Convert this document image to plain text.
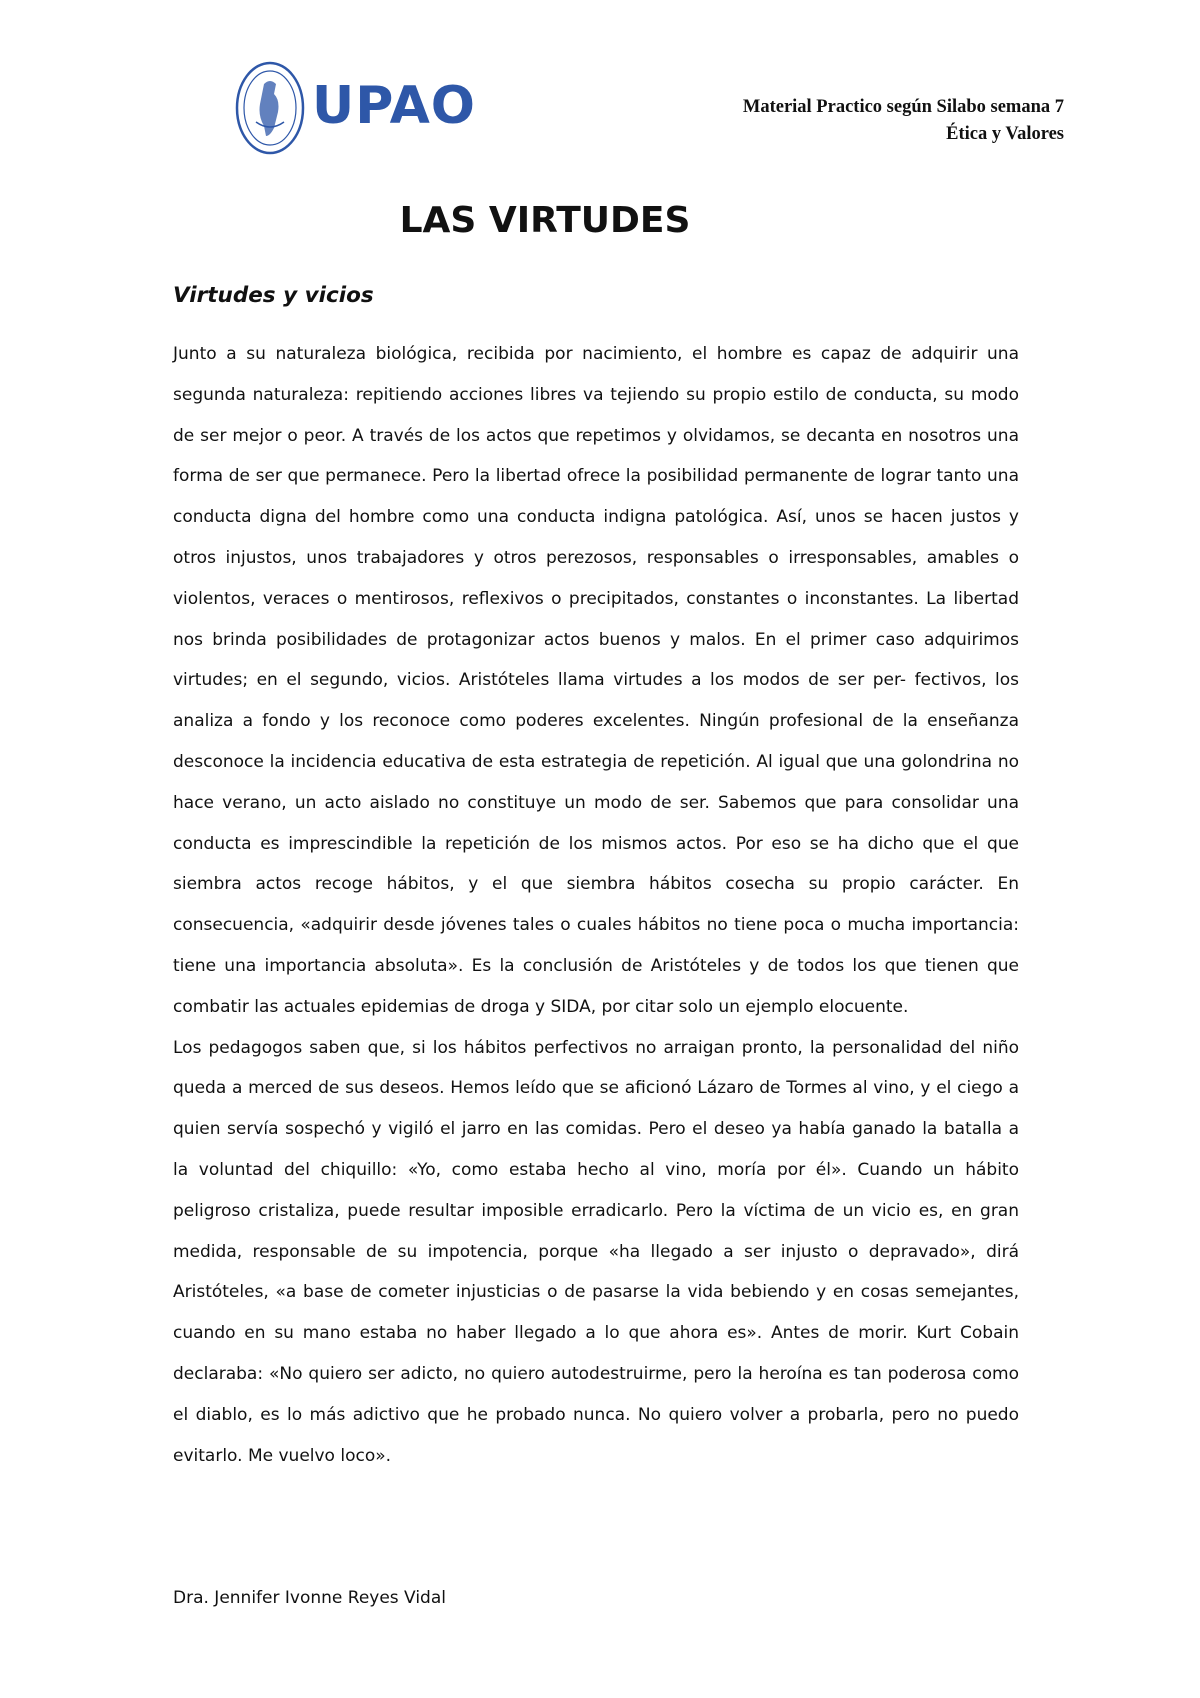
UPAO	Material Practico según Silabo semana 7
Ética y Valores
LAS VIRTUDES
Virtudes y vicios

Junto a su naturaleza biológica, recibida por nacimiento, el hombre es capaz de adquirir una segunda naturaleza: repitiendo acciones libres va tejiendo su propio estilo de conducta, su modo de ser mejor o peor. A través de los actos que repetimos y olvidamos, se decanta en nosotros una forma de ser que permanece. Pero la libertad ofrece la posibilidad permanente de lograr tanto una conducta digna del hombre como una conducta indigna patológica. Así, unos se hacen justos y otros injustos, unos trabajadores y otros perezosos, responsables o irresponsables, amables o violentos, veraces o mentirosos, reflexivos o precipitados, constantes o inconstantes. La libertad nos brinda posibilidades de protagonizar actos buenos y malos. En el primer caso adquirimos virtudes; en el segundo, vicios. Aristóteles llama virtudes a los modos de ser per- fectivos, los analiza a fondo y los reconoce como poderes excelentes. Ningún profesional de la enseñanza desconoce la incidencia educativa de esta estrategia de repetición. Al igual que una golondrina no hace verano, un acto aislado no constituye un modo de ser. Sabemos que para consolidar una conducta es imprescindible la repetición de los mismos actos. Por eso se ha dicho que el que siembra actos recoge hábitos, y el que siembra hábitos cosecha su propio carácter. En consecuencia, «adquirir desde jóvenes tales o cuales hábitos no tiene poca o mucha importancia: tiene una importancia absoluta». Es la conclusión de Aristóteles y de todos los que tienen que combatir las actuales epidemias de droga y SIDA, por citar solo un ejemplo elocuente.

Los pedagogos saben que, si los hábitos perfectivos no arraigan pronto, la personalidad del niño queda a merced de sus deseos. Hemos leído que se aficionó Lázaro de Tormes al vino, y el ciego a quien servía sospechó y vigiló el jarro en las comidas. Pero el deseo ya había ganado la batalla a la voluntad del chiquillo: «Yo, como estaba hecho al vino, moría por él». Cuando un hábito peligroso cristaliza, puede resultar imposible erradicarlo. Pero la víctima de un vicio es, en gran medida, responsable de su impotencia, porque «ha llegado a ser injusto o depravado», dirá Aristóteles, «a base de cometer injusticias o de pasarse la vida bebiendo y en cosas semejantes, cuando en su mano estaba no haber llegado a lo que ahora es». Antes de morir. Kurt Cobain declaraba: «No quiero ser adicto, no quiero autodestruirme, pero la heroína es tan poderosa como el diablo, es lo más adictivo que he probado nunca. No quiero volver a probarla, pero no puedo evitarlo. Me vuelvo loco».

Dra. Jennifer Ivonne Reyes Vidal
